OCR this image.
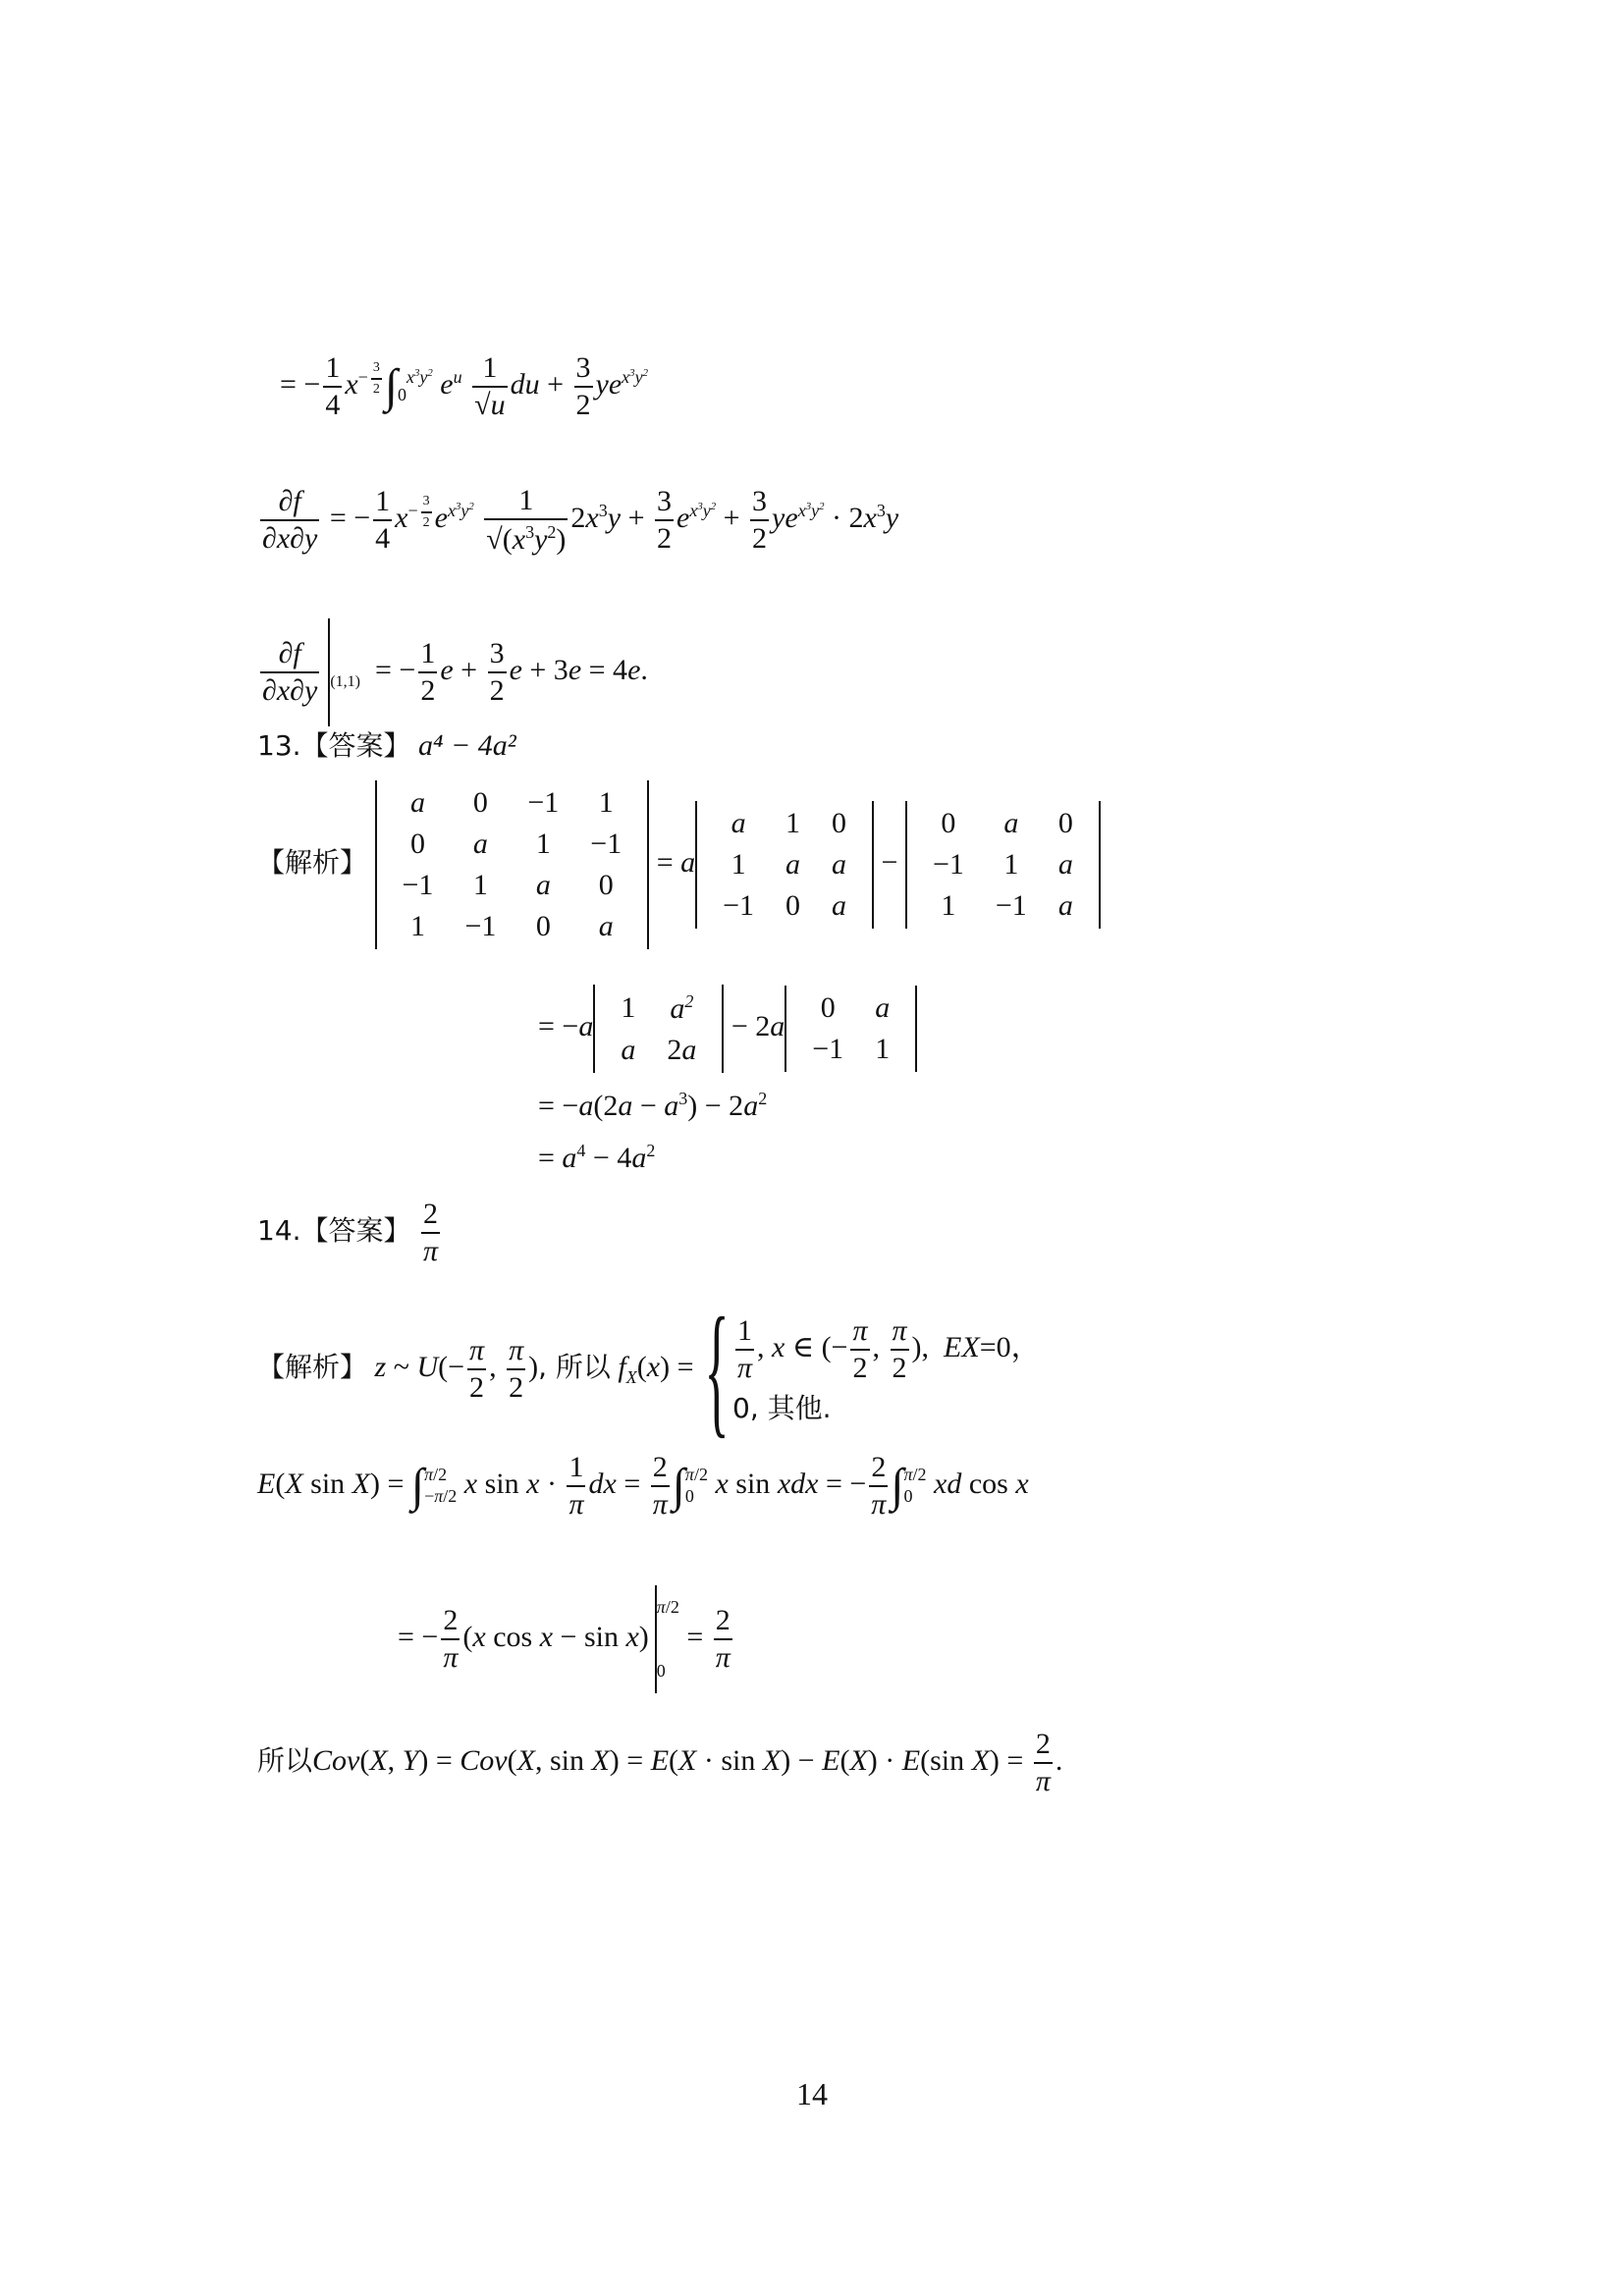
= − $\frac{1}{4} x^{- \frac{3}{2}}$ $\int_0^{x^3y^2}$ $e^u \frac{1}{√u}$ du + $\frac{3}{2} ye^{x^3y^2}$
$\frac{\partial f}{\partial x\partial y}$ = − $\frac{1}{4} x^{- \frac{3}{2}}$ $e^{x^3y^2} \frac{1}{√(x^3y^2)} 2x^3y + \frac{3}{2} e^{x^3y^2} + \frac{3}{2} ye^{x^3y^2} \cdot 2x^3y$
$\frac{\partial f}{\partial x\partial y} _{(1,1)}$  = − $\frac{1}{2}$ $e + \frac{3}{2}$ e + 3e = 4e.
13.【答案】 a⁴ − 4a²
【解析】
a	0	−1	1
0	a	1	−1
−1	1	a	0
1	−1	0	a
= a
a	1	0
1	a	a
−1	0	a
−
0	a	0
−1	1	a
1	−1	a
= −a
1	$a^2$
a	2a
− 2a
0	a
−1	1
= $-a(2a - a^3) - 2a^2$
= $a^4 - 4a^2$
14.【答案】 $\frac{2}{\pi}$
【解析】 z ~ $U(- \frac{\pi}{2}$ , $\frac{\pi}{2}$ ), 所以 $f_X(x)$ = { $\frac{1}{\pi}$ , x ∈ (− $\frac{\pi}{2}$ , $\frac{\pi}{2}$ ),  EX=0，
0, 其他.
E(X sin X) = ∫π/2
−π/2 x $\sin x \cdot \frac{1}{\pi}$ dx = $\frac{2}{\pi} \int\pi/2$
0 x sin xdx = − $\frac{2}{\pi} \int\pi/2$
0 xd cos x
= − $\frac{2}{\pi} (x$ cos x − sin x)π/2

$0 = \frac{2}{\pi}$
所以Cov(X, Y) = Cov(X, sin X) = E(X · sin X) − E(X) · E(sin $X) = \frac{2}{\pi}$ .
14
